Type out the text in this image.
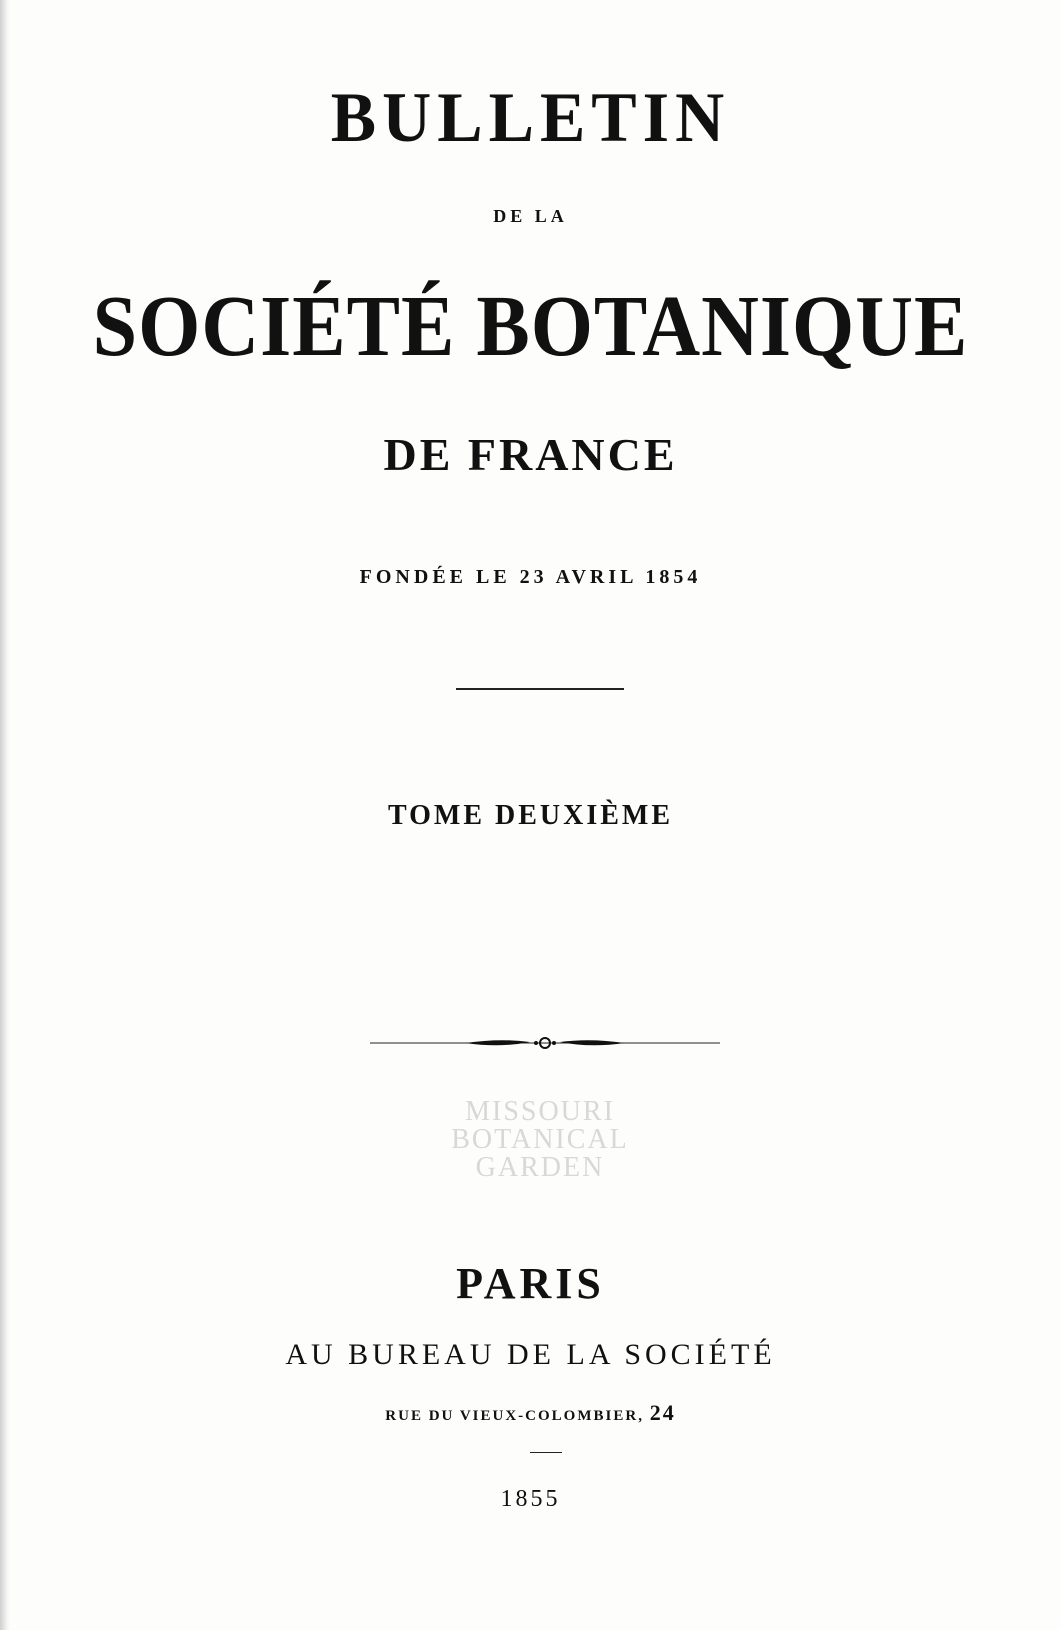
BULLETIN
DE LA
SOCIÉTÉ BOTANIQUE
DE FRANCE
FONDÉE LE 23 AVRIL 1854
TOME DEUXIÈME
MISSOURI
BOTANICAL
GARDEN
PARIS
AU BUREAU DE LA SOCIÉTÉ
RUE DU VIEUX-COLOMBIER, 24
1855
